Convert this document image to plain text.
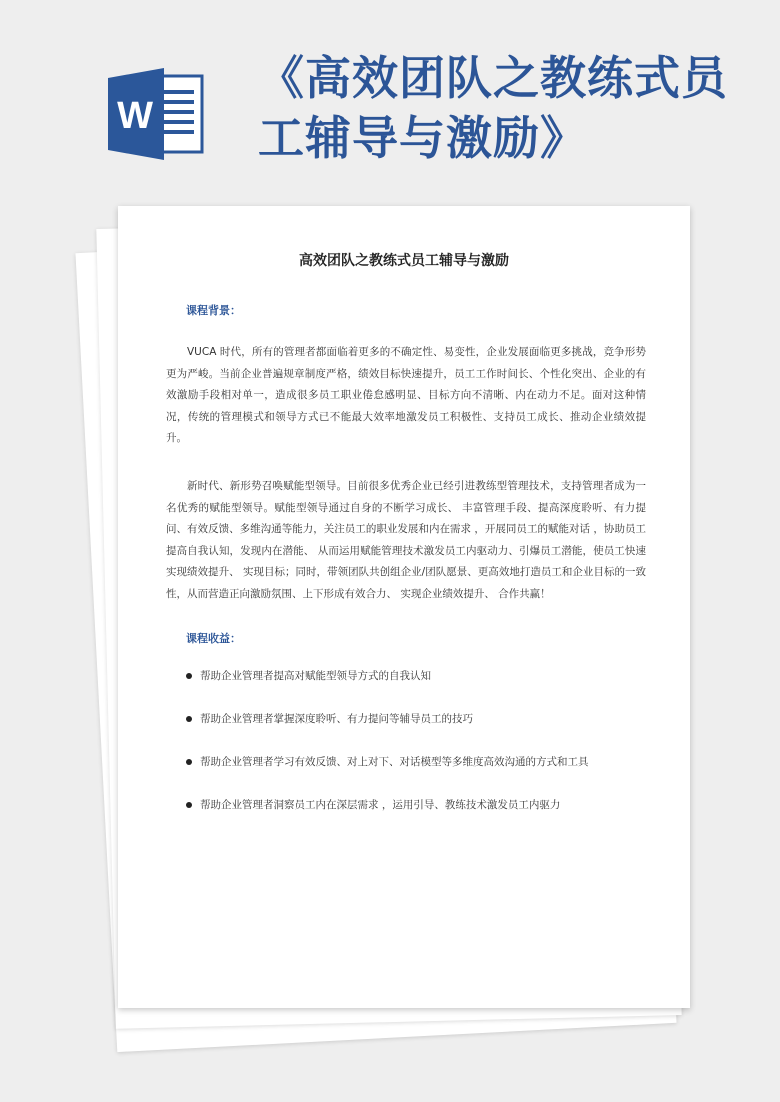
W
《高效团队之教练式员工辅导与激励》
高效团队之教练式员工辅导与激励
课程背景：

VUCA 时代，所有的管理者都面临着更多的不确定性、易变性，企业发展面临更多挑战，竞争形势更为严峻。当前企业普遍规章制度严格，绩效目标快速提升，员工工作时间长、个性化突出、企业的有效激励手段相对单一，造成很多员工职业倦怠感明显、目标方向不清晰、内在动力不足。面对这种情况，传统的管理模式和领导方式已不能最大效率地激发员工积极性、支持员工成长、推动企业绩效提升。

新时代、新形势召唤赋能型领导。目前很多优秀企业已经引进教练型管理技术，支持管理者成为一名优秀的赋能型领导。赋能型领导通过自身的不断学习成长、 丰富管理手段、提高深度聆听、有力提问、有效反馈、多维沟通等能力，关注员工的职业发展和内在需求 ，开展同员工的赋能对话 ，协助员工提高自我认知，发现内在潜能、 从而运用赋能管理技术激发员工内驱动力、引爆员工潜能，使员工快速实现绩效提升、 实现目标；同时，带领团队共创组企业/团队愿景、更高效地打造员工和企业目标的一致性，从而营造正向激励氛围、上下形成有效合力、 实现企业绩效提升、 合作共赢！

课程收益：
帮助企业管理者提高对赋能型领导方式的自我认知
帮助企业管理者掌握深度聆听、有力提问等辅导员工的技巧
帮助企业管理者学习有效反馈、对上对下、对话模型等多维度高效沟通的方式和工具
帮助企业管理者洞察员工内在深层需求 ，运用引导、教练技术激发员工内驱力
